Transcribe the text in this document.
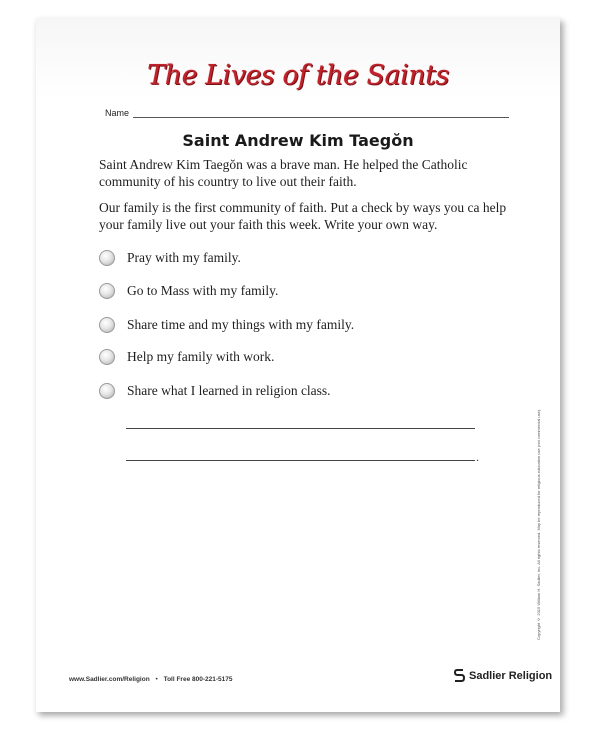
The Lives of the Saints
Name
Saint Andrew Kim Taegŏn
Saint Andrew Kim Taegŏn was a brave man. He helped the Catholic community of his country to live out their faith.
Our family is the first community of faith. Put a check by ways you ca help your family live out your faith this week. Write your own way.
Pray with my family.
Go to Mass with my family.
Share time and my things with my family.
Help my family with work.
Share what I learned in religion class.
.	Copyright © 2015 William H. Sadlier, Inc. All rights reserved. May be reproduced for religious education use (not commercial use).
www.Sadlier.com/Religion • Toll Free 800-221-5175	Sadlier Religion
